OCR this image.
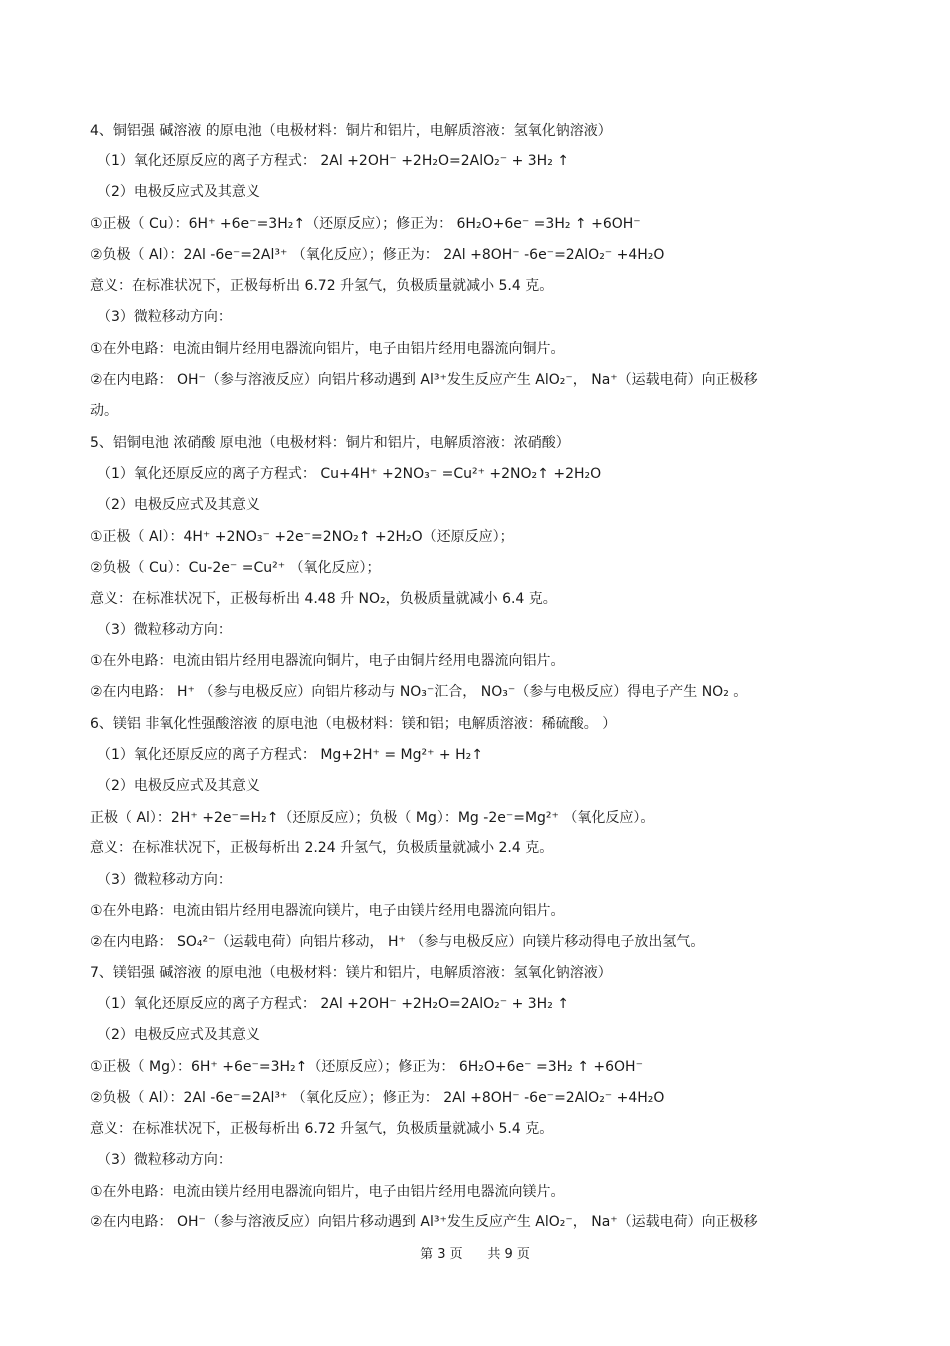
4、铜铝强 碱溶液 的原电池（电极材料：铜片和铝片，电解质溶液：氢氧化钠溶液）
（1）氧化还原反应的离子方程式： 2Al +2OH⁻ +2H₂O=2AlO₂⁻ + 3H₂ ↑
（2）电极反应式及其意义
①正极（ Cu）：6H⁺ +6e⁻=3H₂↑（还原反应）；修正为： 6H₂O+6e⁻ =3H₂ ↑ +6OH⁻
②负极（ Al）：2Al -6e⁻=2Al³⁺ （氧化反应）；修正为： 2Al +8OH⁻ -6e⁻=2AlO₂⁻ +4H₂O
意义：在标准状况下，正极每析出 6.72 升氢气，负极质量就减小 5.4 克。
（3）微粒移动方向：
①在外电路：电流由铜片经用电器流向铝片，电子由铝片经用电器流向铜片。
②在内电路： OH⁻（参与溶液反应）向铝片移动遇到 Al³⁺发生反应产生 AlO₂⁻， Na⁺（运载电荷）向正极移
动。
5、铝铜电池 浓硝酸 原电池（电极材料：铜片和铝片，电解质溶液：浓硝酸）
（1）氧化还原反应的离子方程式： Cu+4H⁺ +2NO₃⁻ =Cu²⁺ +2NO₂↑ +2H₂O
（2）电极反应式及其意义
①正极（ Al）：4H⁺ +2NO₃⁻ +2e⁻=2NO₂↑ +2H₂O（还原反应）；
②负极（ Cu）：Cu-2e⁻ =Cu²⁺ （氧化反应）；
意义：在标准状况下，正极每析出 4.48 升 NO₂，负极质量就减小 6.4 克。
（3）微粒移动方向：
①在外电路：电流由铝片经用电器流向铜片，电子由铜片经用电器流向铝片。
②在内电路： H⁺ （参与电极反应）向铝片移动与 NO₃⁻汇合， NO₃⁻（参与电极反应）得电子产生 NO₂ 。
6、镁铝 非氧化性强酸溶液 的原电池（电极材料：镁和铝；电解质溶液：稀硫酸。 ）
（1）氧化还原反应的离子方程式： Mg+2H⁺ = Mg²⁺ + H₂↑
（2）电极反应式及其意义
正极（ Al）：2H⁺ +2e⁻=H₂↑（还原反应）；负极（ Mg）：Mg -2e⁻=Mg²⁺ （氧化反应）。
意义：在标准状况下，正极每析出 2.24 升氢气，负极质量就减小 2.4 克。
（3）微粒移动方向：
①在外电路：电流由铝片经用电器流向镁片，电子由镁片经用电器流向铝片。
②在内电路： SO₄²⁻（运载电荷）向铝片移动， H⁺ （参与电极反应）向镁片移动得电子放出氢气。
7、镁铝强 碱溶液 的原电池（电极材料：镁片和铝片，电解质溶液：氢氧化钠溶液）
（1）氧化还原反应的离子方程式： 2Al +2OH⁻ +2H₂O=2AlO₂⁻ + 3H₂ ↑
（2）电极反应式及其意义
①正极（ Mg）：6H⁺ +6e⁻=3H₂↑（还原反应）；修正为： 6H₂O+6e⁻ =3H₂ ↑ +6OH⁻
②负极（ Al）：2Al -6e⁻=2Al³⁺ （氧化反应）；修正为： 2Al +8OH⁻ -6e⁻=2AlO₂⁻ +4H₂O
意义：在标准状况下，正极每析出 6.72 升氢气，负极质量就减小 5.4 克。
（3）微粒移动方向：
①在外电路：电流由镁片经用电器流向铝片，电子由铝片经用电器流向镁片。
②在内电路： OH⁻（参与溶液反应）向铝片移动遇到 Al³⁺发生反应产生 AlO₂⁻， Na⁺（运载电荷）向正极移
第 3 页      共 9 页
